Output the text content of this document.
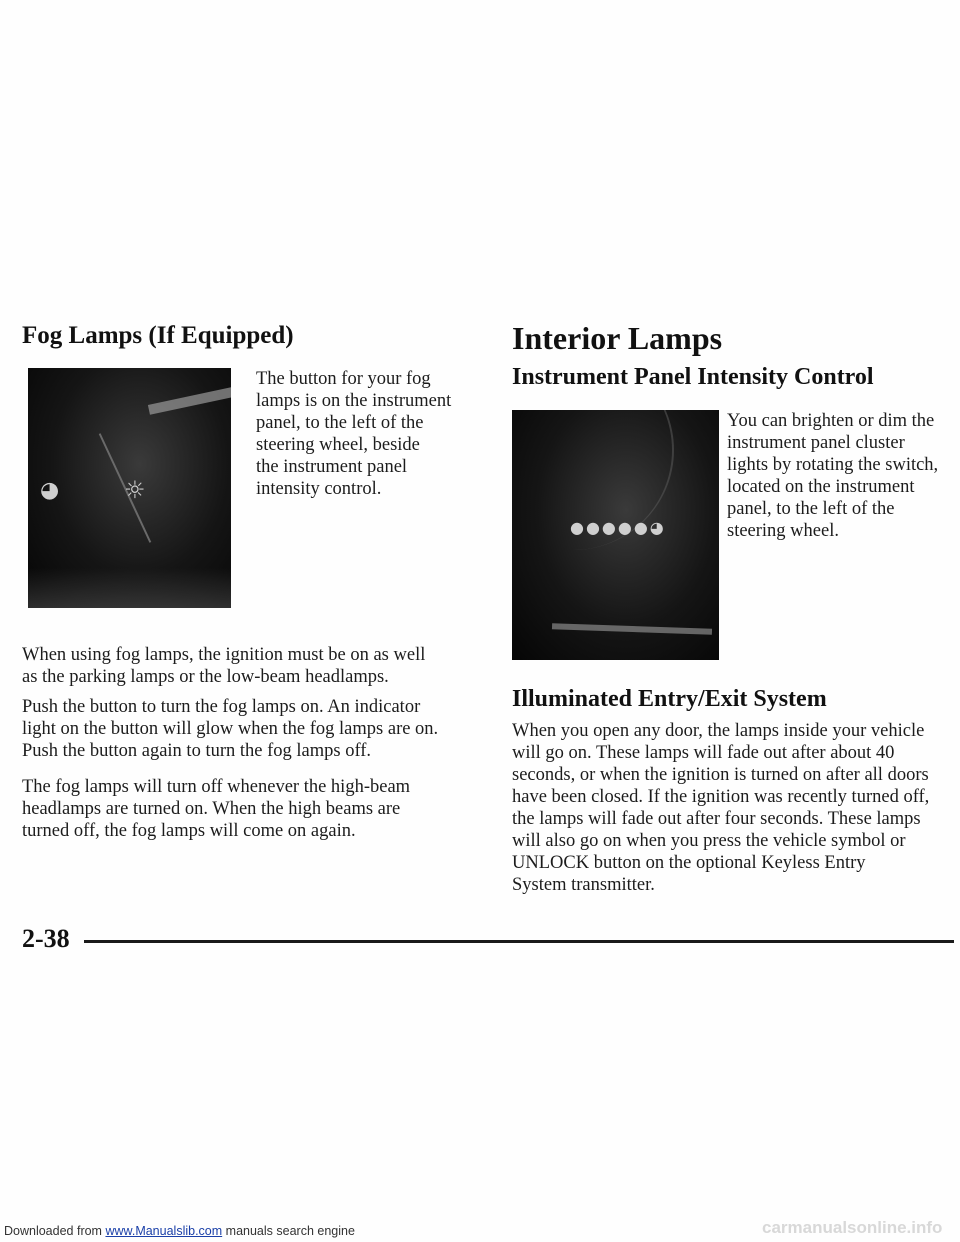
Fog Lamps (If Equipped)
◕	☼

The button for your fog

lamps is on the instrument

panel, to the left of the

steering wheel, beside

the instrument panel

intensity control.

When using fog lamps, the ignition must be on as well

as the parking lamps or the low-beam headlamps.

Push the button to turn the fog lamps on. An indicator

light on the button will glow when the fog lamps are on.

Push the button again to turn the fog lamps off.

The fog lamps will turn off whenever the high-beam

headlamps are turned on. When the high beams are

turned off, the fog lamps will come on again.

Interior Lamps
Instrument Panel Intensity Control
●●●●●◕

You can brighten or dim the

instrument panel cluster

lights by rotating the switch,

located on the instrument

panel, to the left of the

steering wheel.

Illuminated Entry/Exit System

When you open any door, the lamps inside your vehicle

will go on. These lamps will fade out after about 40

seconds, or when the ignition is turned on after all doors

have been closed. If the ignition was recently turned off,

the lamps will fade out after four seconds. These lamps

will also go on when you press the vehicle symbol or

UNLOCK button on the optional Keyless Entry

System transmitter.

2-38
Downloaded from www.Manualslib.com manuals search engine	carmanualsonline.info
